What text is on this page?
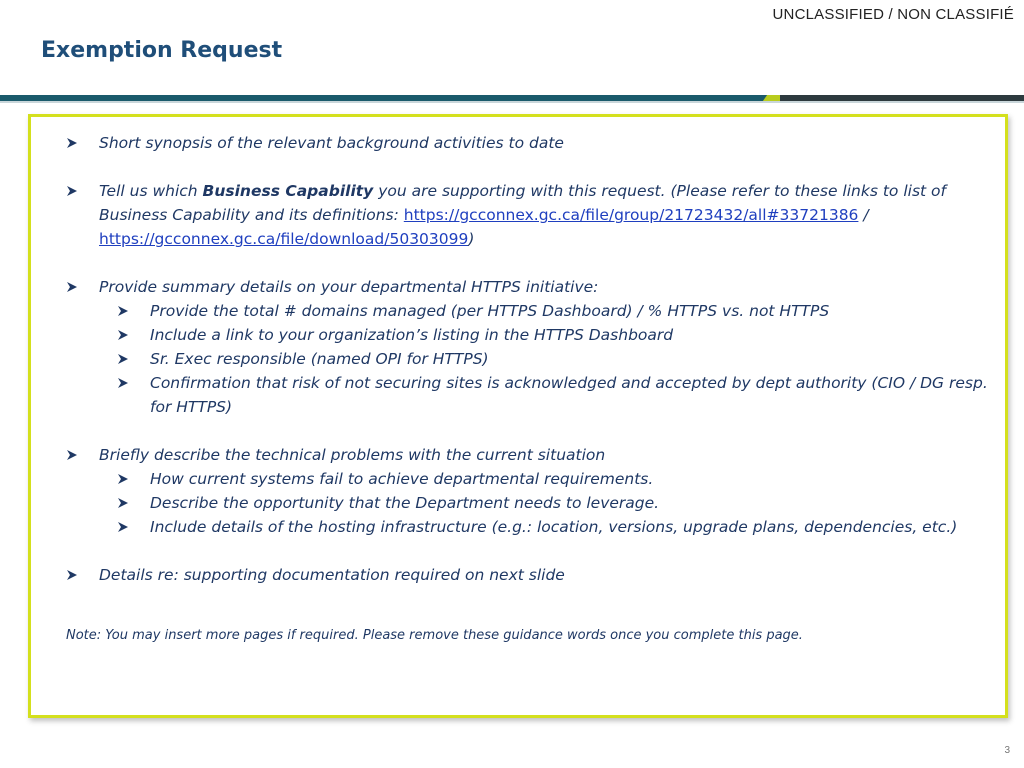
UNCLASSIFIED / NON CLASSIFIÉ
Exemption Request
Short synopsis of the relevant background activities to date
Tell us which Business Capability you are supporting with this request. (Please refer to these links to list of Business Capability and its definitions: https://gcconnex.gc.ca/file/group/21723432/all#33721386 / https://gcconnex.gc.ca/file/download/50303099)
Provide summary details on your departmental HTTPS initiative:
Provide the total # domains managed (per HTTPS Dashboard) / % HTTPS vs. not HTTPS
Include a link to your organization’s listing in the HTTPS Dashboard
Sr. Exec responsible (named OPI for HTTPS)
Confirmation that risk of not securing sites is acknowledged and accepted by dept authority (CIO / DG resp. for HTTPS)
Briefly describe the technical problems with the current situation
How current systems fail to achieve departmental requirements.
Describe the opportunity that the Department needs to leverage.
Include details of the hosting infrastructure (e.g.: location, versions, upgrade plans, dependencies, etc.)
Details re: supporting documentation required on next slide
Note: You may insert more pages if required. Please remove these guidance words once you complete this page.
3
